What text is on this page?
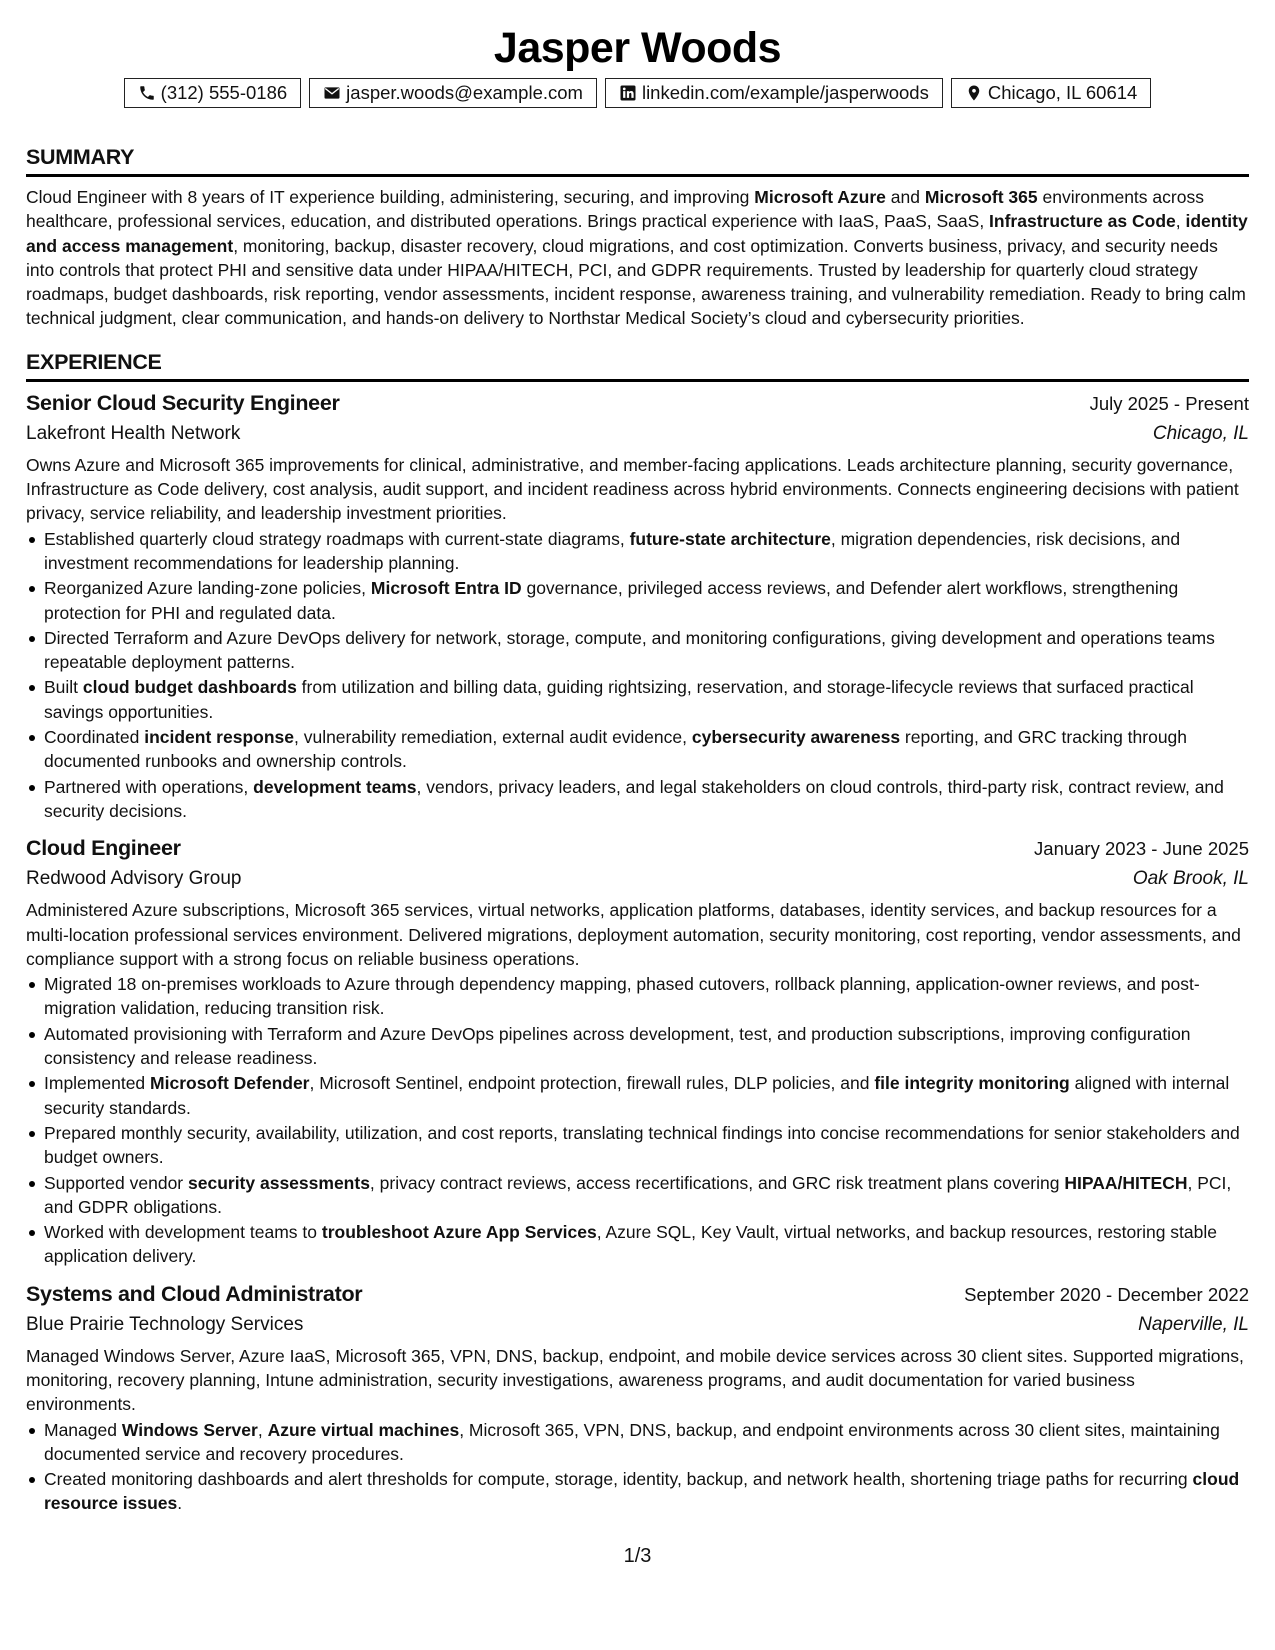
Jasper Woods
(312) 555-0186	jasper.woods@example.com	linkedin.com/example/jasperwoods	Chicago, IL 60614
SUMMARY

Cloud Engineer with 8 years of IT experience building, administering, securing, and improving Microsoft Azure and Microsoft 365 environments across healthcare, professional services, education, and distributed operations. Brings practical experience with IaaS, PaaS, SaaS, Infrastructure as Code, identity and access management, monitoring, backup, disaster recovery, cloud migrations, and cost optimization. Converts business, privacy, and security needs into controls that protect PHI and sensitive data under HIPAA/HITECH, PCI, and GDPR requirements. Trusted by leadership for quarterly cloud strategy roadmaps, budget dashboards, risk reporting, vendor assessments, incident response, awareness training, and vulnerability remediation. Ready to bring calm technical judgment, clear communication, and hands-on delivery to Northstar Medical Society’s cloud and cybersecurity priorities.

EXPERIENCE
Senior Cloud Security Engineer	July 2025 - Present
Lakefront Health Network	Chicago, IL

Owns Azure and Microsoft 365 improvements for clinical, administrative, and member-facing applications. Leads architecture planning, security governance, Infrastructure as Code delivery, cost analysis, audit support, and incident readiness across hybrid environments. Connects engineering decisions with patient privacy, service reliability, and leadership investment priorities.

Established quarterly cloud strategy roadmaps with current-state diagrams, future-state architecture, migration dependencies, risk decisions, and investment recommendations for leadership planning.
Reorganized Azure landing-zone policies, Microsoft Entra ID governance, privileged access reviews, and Defender alert workflows, strengthening protection for PHI and regulated data.
Directed Terraform and Azure DevOps delivery for network, storage, compute, and monitoring configurations, giving development and operations teams repeatable deployment patterns.
Built cloud budget dashboards from utilization and billing data, guiding rightsizing, reservation, and storage-lifecycle reviews that surfaced practical savings opportunities.
Coordinated incident response, vulnerability remediation, external audit evidence, cybersecurity awareness reporting, and GRC tracking through documented runbooks and ownership controls.
Partnered with operations, development teams, vendors, privacy leaders, and legal stakeholders on cloud controls, third-party risk, contract review, and security decisions.
Cloud Engineer	January 2023 - June 2025
Redwood Advisory Group	Oak Brook, IL

Administered Azure subscriptions, Microsoft 365 services, virtual networks, application platforms, databases, identity services, and backup resources for a multi-location professional services environment. Delivered migrations, deployment automation, security monitoring, cost reporting, vendor assessments, and compliance support with a strong focus on reliable business operations.

Migrated 18 on-premises workloads to Azure through dependency mapping, phased cutovers, rollback planning, application-owner reviews, and post-migration validation, reducing transition risk.
Automated provisioning with Terraform and Azure DevOps pipelines across development, test, and production subscriptions, improving configuration consistency and release readiness.
Implemented Microsoft Defender, Microsoft Sentinel, endpoint protection, firewall rules, DLP policies, and file integrity monitoring aligned with internal security standards.
Prepared monthly security, availability, utilization, and cost reports, translating technical findings into concise recommendations for senior stakeholders and budget owners.
Supported vendor security assessments, privacy contract reviews, access recertifications, and GRC risk treatment plans covering HIPAA/HITECH, PCI, and GDPR obligations.
Worked with development teams to troubleshoot Azure App Services, Azure SQL, Key Vault, virtual networks, and backup resources, restoring stable application delivery.
Systems and Cloud Administrator	September 2020 - December 2022
Blue Prairie Technology Services	Naperville, IL

Managed Windows Server, Azure IaaS, Microsoft 365, VPN, DNS, backup, endpoint, and mobile device services across 30 client sites. Supported migrations, monitoring, recovery planning, Intune administration, security investigations, awareness programs, and audit documentation for varied business environments.

Managed Windows Server, Azure virtual machines, Microsoft 365, VPN, DNS, backup, and endpoint environments across 30 client sites, maintaining documented service and recovery procedures.
Created monitoring dashboards and alert thresholds for compute, storage, identity, backup, and network health, shortening triage paths for recurring cloud resource issues.
1/3
